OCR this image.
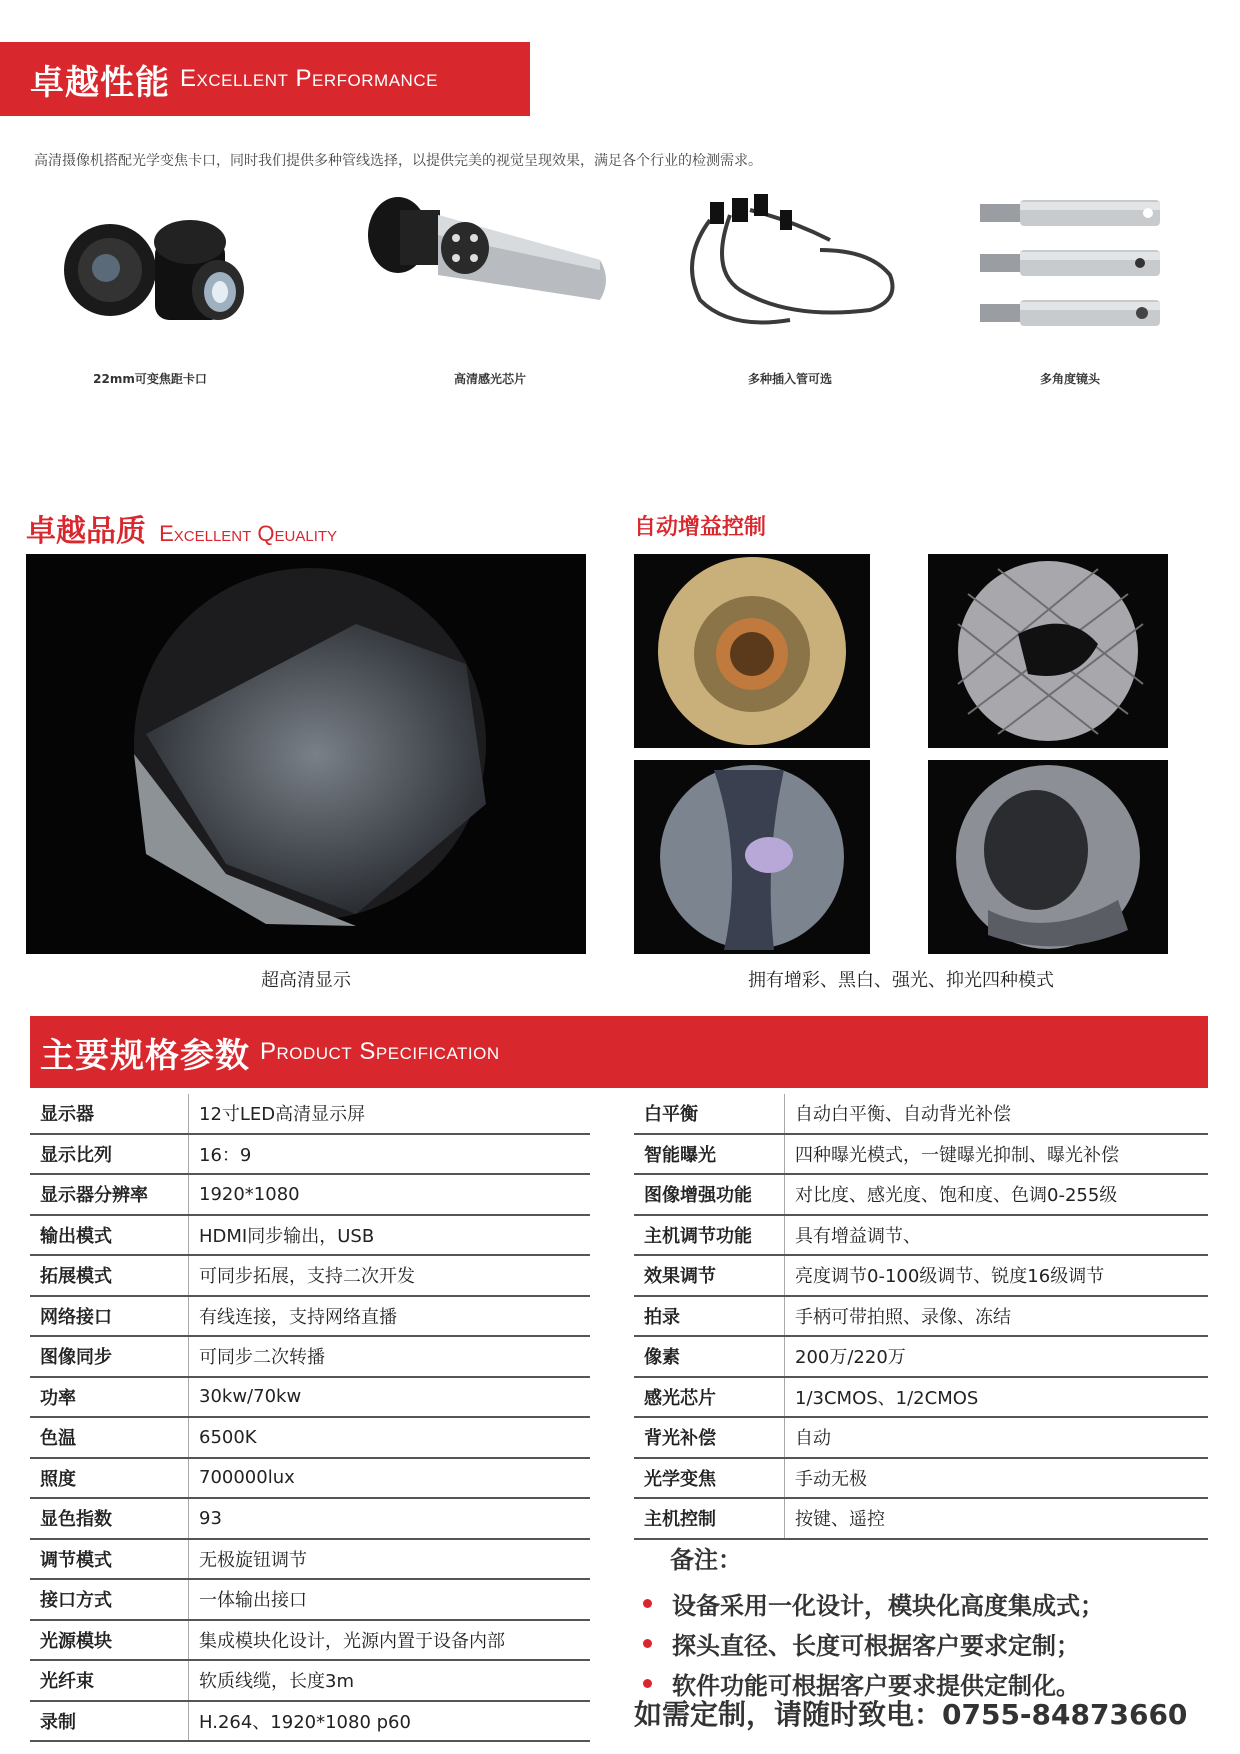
卓越性能 Excellent Performance
高清摄像机搭配光学变焦卡口，同时我们提供多种管线选择，以提供完美的视觉呈现效果，满足各个行业的检测需求。
22mm可变焦距卡口	高清感光芯片	多种插入管可选	多角度镜头
卓越品质 Excellent Qeuality	自动增益控制
超高清显示	拥有增彩、黑白、强光、抑光四种模式
主要规格参数 Product Specification
显示器	12寸LED高清显示屏
显示比列	16：9
显示器分辨率	1920*1080
输出模式	HDMI同步输出，USB
拓展模式	可同步拓展，支持二次开发
网络接口	有线连接，支持网络直播
图像同步	可同步二次转播
功率	30kw/70kw
色温	6500K
照度	700000lux
显色指数	93
调节模式	无极旋钮调节
接口方式	一体输出接口
光源模块	集成模块化设计，光源内置于设备内部
光纤束	软质线缆，长度3m
录制	H.264、1920*1080 p60
白平衡	自动白平衡、自动背光补偿
智能曝光	四种曝光模式，一键曝光抑制、曝光补偿
图像增强功能	对比度、感光度、饱和度、色调0-255级
主机调节功能	具有增益调节、
效果调节	亮度调节0-100级调节、锐度16级调节
拍录	手柄可带拍照、录像、冻结
像素	200万/220万
感光芯片	1/3CMOS、1/2CMOS
背光补偿	自动
光学变焦	手动无极
主机控制	按键、遥控
备注：
设备采用一化设计，模块化高度集成式；
探头直径、长度可根据客户要求定制；
软件功能可根据客户要求提供定制化。
如需定制，请随时致电：0755-84873660
